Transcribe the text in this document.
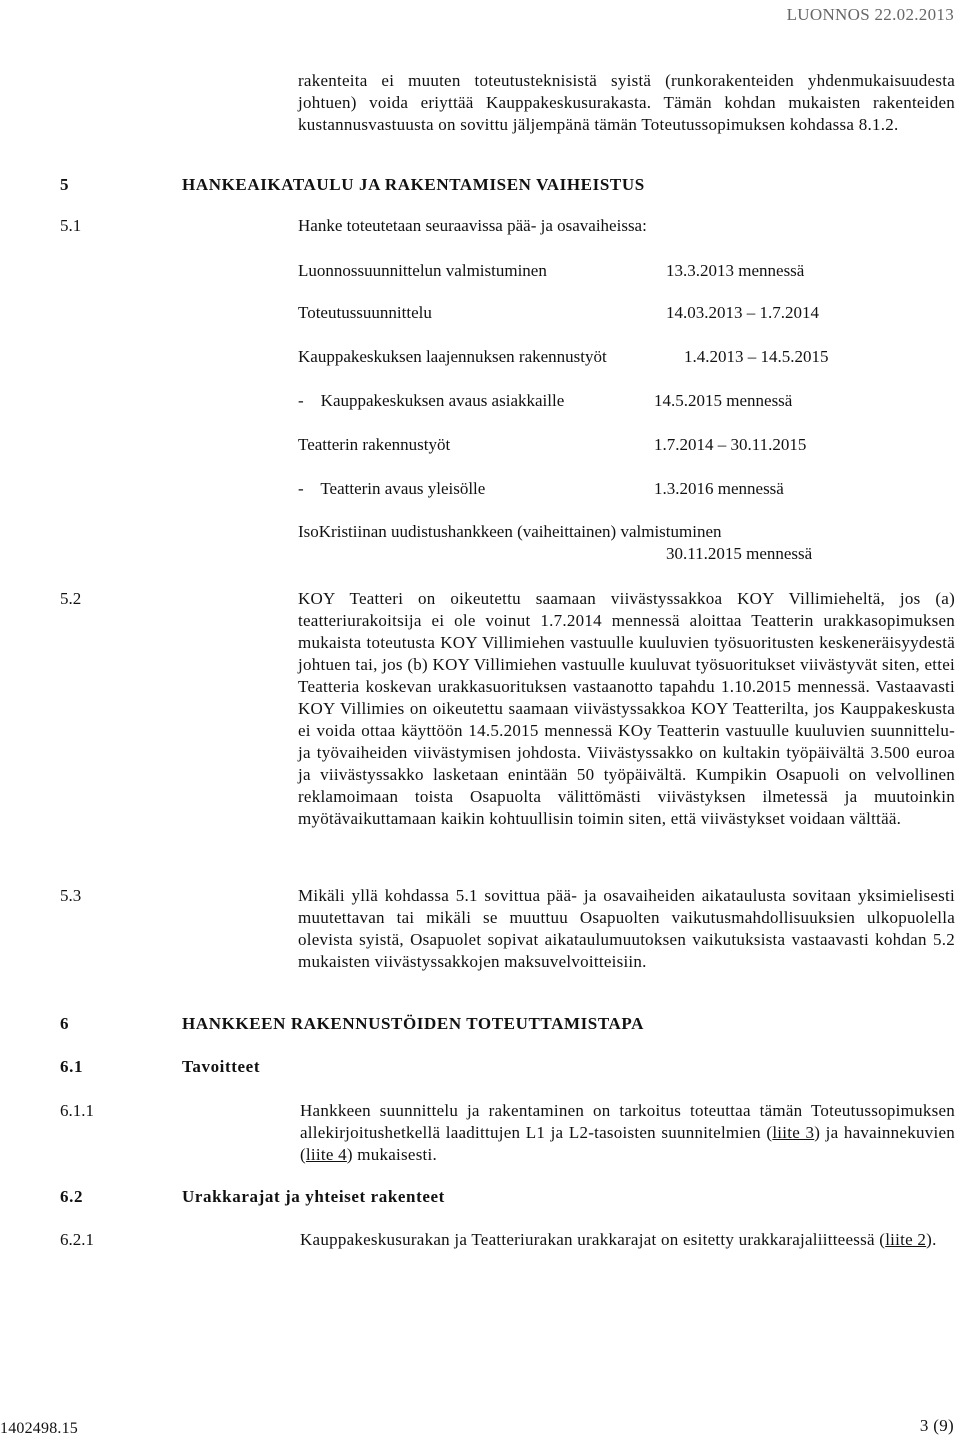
LUONNOS 22.02.2013
rakenteita ei muuten toteutusteknisistä syistä (runkorakenteiden yhdenmukaisuudesta johtuen) voida eriyttää Kauppakeskusurakasta. Tämän kohdan mukaisten rakenteiden kustannusvastuusta on sovittu jäljempänä tämän Toteutussopimuksen kohdassa 8.1.2.
5	HANKEAIKATAULU JA RAKENTAMISEN VAIHEISTUS
5.1	Hanke toteutetaan seuraavissa pää- ja osavaiheissa:
Luonnossuunnittelun valmistuminen	13.3.2013 mennessä
Toteutussuunnittelu	14.03.2013 – 1.7.2014
Kauppakeskuksen laajennuksen rakennustyöt	1.4.2013 – 14.5.2015
-    Kauppakeskuksen avaus asiakkaille	14.5.2015 mennessä
Teatterin rakennustyöt	1.7.2014 – 30.11.2015
-    Teatterin avaus yleisölle	1.3.2016 mennessä
IsoKristiinan uudistushankkeen (vaiheittainen) valmistuminen
30.11.2015 mennessä
5.2	KOY Teatteri on oikeutettu saamaan viivästyssakkoa KOY Villimieheltä, jos (a) teatteriurakoitsija ei ole voinut 1.7.2014 mennessä aloittaa Teatterin urakkasopimuksen mukaista toteutusta KOY Villimiehen vastuulle kuuluvien työsuoritusten keskeneräisyydestä johtuen tai, jos (b) KOY Villimiehen vastuulle kuuluvat työsuoritukset viivästyvät siten, ettei Teatteria koskevan urakkasuorituksen vastaanotto tapahdu 1.10.2015 mennessä. Vastaavasti KOY Villimies on oikeutettu saamaan viivästyssakkoa KOY Teatterilta, jos Kauppakeskusta ei voida ottaa käyttöön 14.5.2015 mennessä KOy Teatterin vastuulle kuuluvien suunnittelu- ja työvaiheiden viivästymisen johdosta. Viivästyssakko on kultakin työpäivältä 3.500 euroa ja viivästyssakko lasketaan enintään 50 työpäivältä. Kumpikin Osapuoli on velvollinen reklamoimaan toista Osapuolta välittömästi viivästyksen ilmetessä ja muutoinkin myötävaikuttamaan kaikin kohtuullisin toimin siten, että viivästykset voidaan välttää.
5.3	Mikäli yllä kohdassa 5.1 sovittua pää- ja osavaiheiden aikataulusta sovitaan yksimielisesti muutettavan tai mikäli se muuttuu Osapuolten vaikutusmahdollisuuksien ulkopuolella olevista syistä, Osapuolet sopivat aikataulumuutoksen vaikutuksista vastaavasti kohdan 5.2 mukaisten viivästyssakkojen maksuvelvoitteisiin.
6	HANKKEEN RAKENNUSTÖIDEN TOTEUTTAMISTAPA
6.1	Tavoitteet
6.1.1	Hankkeen suunnittelu ja rakentaminen on tarkoitus toteuttaa tämän Toteutussopimuksen allekirjoitushetkellä laadittujen L1 ja L2-tasoisten suunnitelmien (liite 3) ja havainnekuvien (liite 4) mukaisesti.
6.2	Urakkarajat ja yhteiset rakenteet
6.2.1	Kauppakeskusurakan ja Teatteriurakan urakkarajat on esitetty urakkarajaliitteessä (liite 2).
1402498.15	3 (9)
